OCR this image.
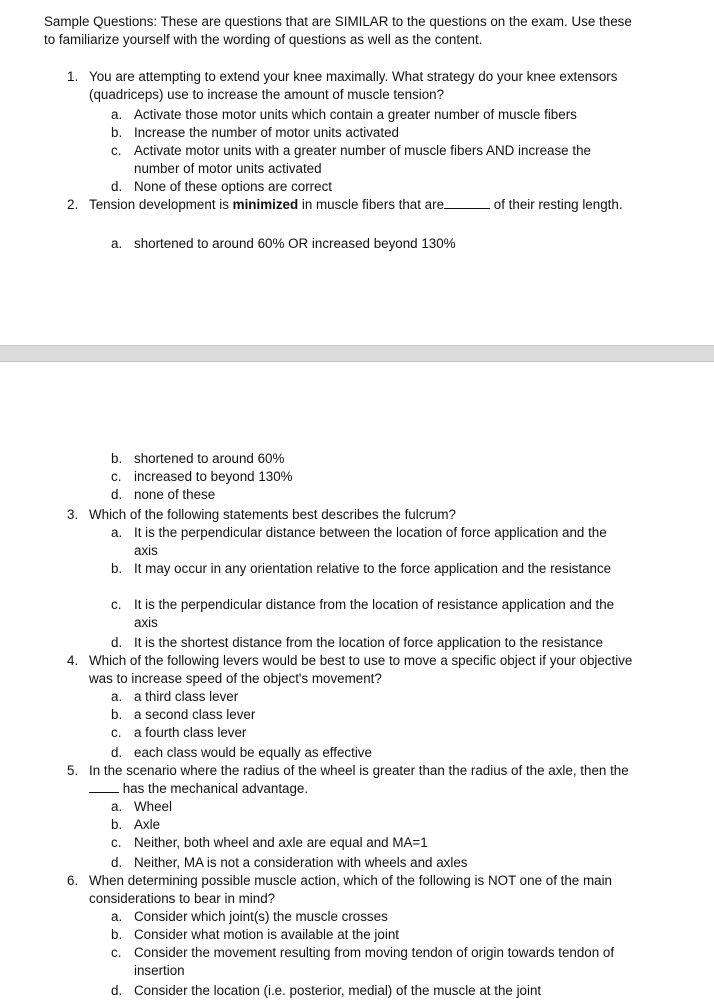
Sample Questions: These are questions that are SIMILAR to the questions on the exam. Use these to familiarize yourself with the wording of questions as well as the content.
1. You are attempting to extend your knee maximally. What strategy do your knee extensors (quadriceps) use to increase the amount of muscle tension?
a. Activate those motor units which contain a greater number of muscle fibers
b. Increase the number of motor units activated
c. Activate motor units with a greater number of muscle fibers AND increase the number of motor units activated
d. None of these options are correct
2. Tension development is minimized in muscle fibers that are	of their resting length.
a. shortened to around 60% OR increased beyond 130%
b. shortened to around 60%
c. increased to beyond 130%
d. none of these
3. Which of the following statements best describes the fulcrum?
a. It is the perpendicular distance between the location of force application and the axis
b. It may occur in any orientation relative to the force application and the resistance
c. It is the perpendicular distance from the location of resistance application and the axis
d. It is the shortest distance from the location of force application to the resistance
4. Which of the following levers would be best to use to move a specific object if your objective was to increase speed of the object's movement?
a. a third class lever
b. a second class lever
c. a fourth class lever
d. each class would be equally as effective
5. In the scenario where the radius of the wheel is greater than the radius of the axle, then the has the mechanical advantage.
a. Wheel
b. Axle
c. Neither, both wheel and axle are equal and MA=1
d. Neither, MA is not a consideration with wheels and axles
6. When determining possible muscle action, which of the following is NOT one of the main considerations to bear in mind?
a. Consider which joint(s) the muscle crosses
b. Consider what motion is available at the joint
c. Consider the movement resulting from moving tendon of origin towards tendon of insertion
d. Consider the location (i.e. posterior, medial) of the muscle at the joint
